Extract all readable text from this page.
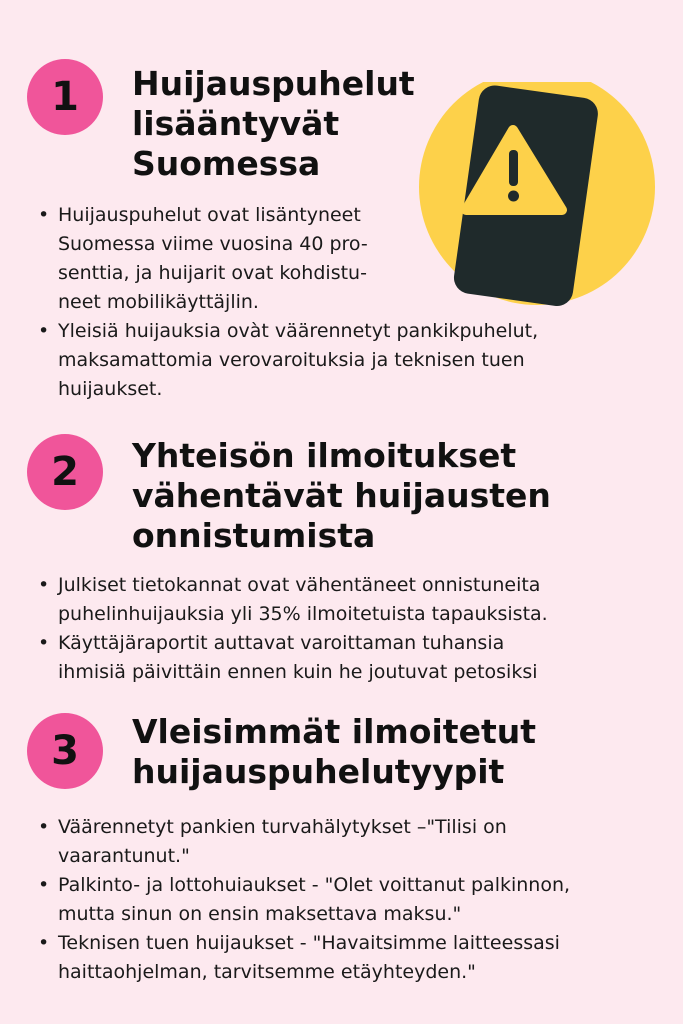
1	Huijauspuhelut
lisääntyvät
Suomessa
• Huijauspuhelut ovat lisäntyneet
Suomessa viime vuosina 40 pro-
senttia, ja huijarit ovat kohdistu-
neet mobilikäyttäjlin.
• Yleisiä huijauksia ovàt väärennetyt pankikpuhelut,
maksamattomia verovaroituksia ja teknisen tuen
huijaukset.
2	Yhteisön ilmoitukset
vähentävät huijausten
onnistumista
• Julkiset tietokannat ovat vähentäneet onnistuneita
puhelinhuijauksia yli 35% ilmoitetuista tapauksista.
• Käyttäjäraportit auttavat varoittaman tuhansia
ihmisiä päivittäin ennen kuin he joutuvat petosiksi
3	Vleisimmät ilmoitetut
huijauspuhelutyypit
• Väärennetyt pankien turvahälytykset –"Tilisi on
vaarantunut."
• Palkinto- ja lottohuiaukset - "Olet voittanut palkinnon,
mutta sinun on ensin maksettava maksu."
• Teknisen tuen huijaukset - "Havaitsimme laitteessasi
haittaohjelman, tarvitsemme etäyhteyden."
